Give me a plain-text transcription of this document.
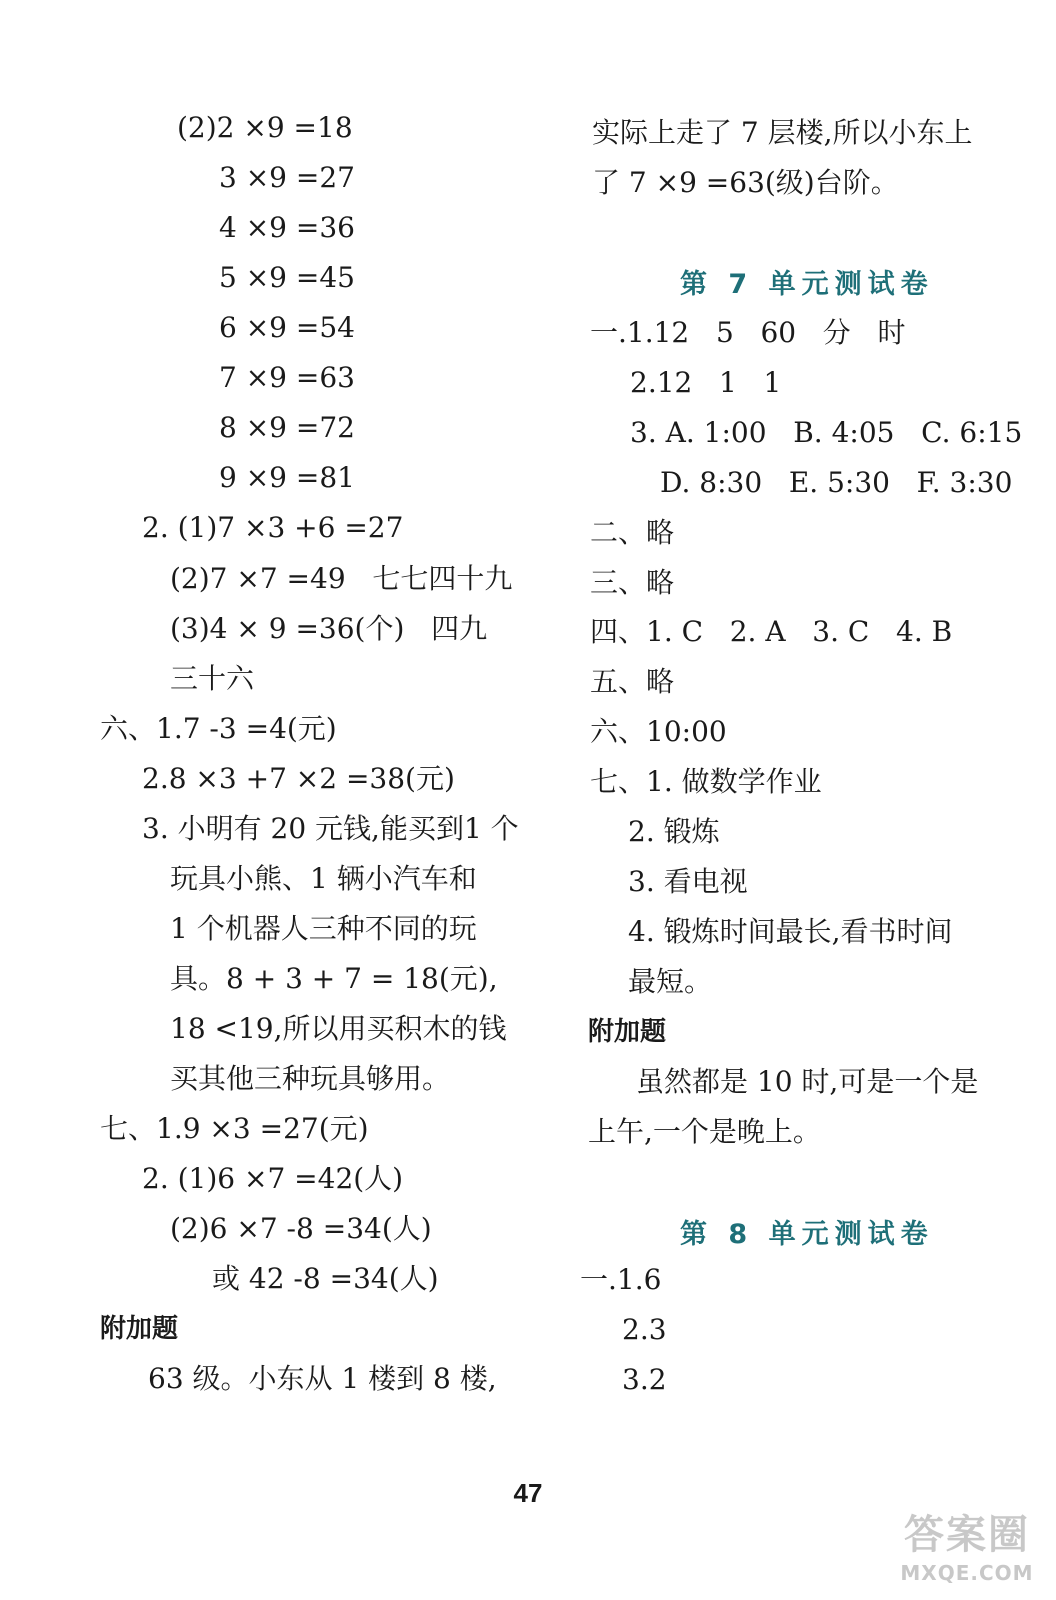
(2)2 ×9 =18

3 ×9 =27

4 ×9 =36

5 ×9 =45

6 ×9 =54

7 ×9 =63

8 ×9 =72

9 ×9 =81

2. (1)7 ×3 +6 =27

(2)7 ×7 =49   七七四十九

(3)4 × 9 =36(个)   四九

三十六

六、1.7 -3 =4(元)

2.8 ×3 +7 ×2 =38(元)

3. 小明有 20 元钱,能买到1 个

玩具小熊、1 辆小汽车和

1 个机器人三种不同的玩

具。8 + 3 + 7 = 18(元),

18 <19,所以用买积木的钱

买其他三种玩具够用。

七、1.9 ×3 =27(元)

2. (1)6 ×7 =42(人)

(2)6 ×7 -8 =34(人)

或 42 -8 =34(人)

附加题

63 级。小东从 1 楼到 8 楼,

实际上走了 7 层楼,所以小东上

了 7 ×9 =63(级)台阶。

第 7 单元测试卷

一.1.12   5   60   分   时

2.12   1   1

3. A. 1:00   B. 4:05   C. 6:15

D. 8:30   E. 5:30   F. 3:30

二、略

三、略

四、1. C   2. A   3. C   4. B

五、略

六、10:00

七、1. 做数学作业

2. 锻炼

3. 看电视

4. 锻炼时间最长,看书时间

最短。

附加题

虽然都是 10 时,可是一个是

上午,一个是晚上。

第 8 单元测试卷

一.1.6

2.3

3.2

47
答案圈
MXQE.COM
